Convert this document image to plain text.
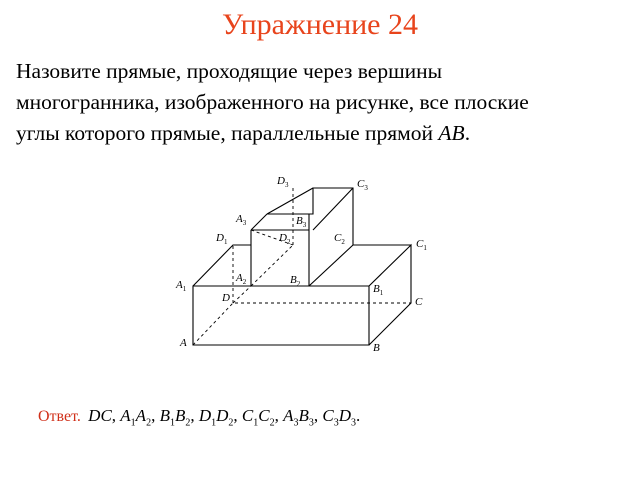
Упражнение 24
Назовите прямые, проходящие через вершины
многогранника, изображенного на рисунке, все плоские
углы которого прямые, параллельные прямой AB.
$D_3$	$C_3$
$A_3$	$B_3$
$D_1$	$D_2$	$C_2$	$C_1$
$A_2$	$B_2$
$A_1$	$B_1$
D	C
A	B
Ответ. DC, $A_1A_2$, $B_1B_2$, $D_1D_2$, $C_1C_2$, $A_3B_3$, $C_3D_3$.
